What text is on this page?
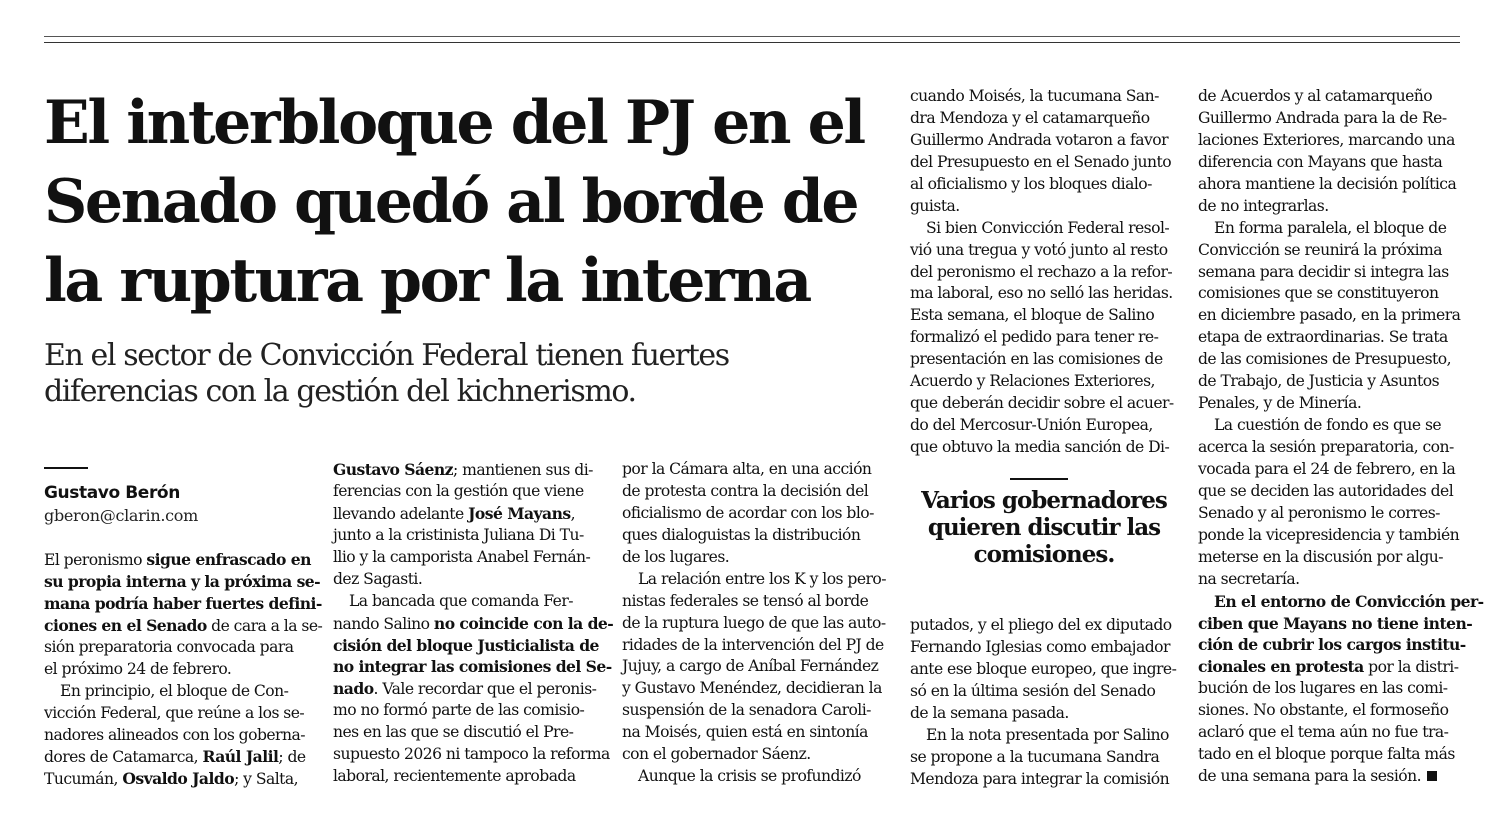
El interbloque del PJ en el
Senado quedó al borde de
la ruptura por la interna

En el sector de Convicción Federal tienen fuertes
diferencias con la gestión del kichnerismo.

Gustavo Berón
gberon@clarin.com
El peronismo sigue enfrascado en
su propia interna y la próxima se-
mana podría haber fuertes defini-
ciones en el Senado de cara a la se-
sión preparatoria convocada para
el próximo 24 de febrero.
En principio, el bloque de Con-
vicción Federal, que reúne a los se-
nadores alineados con los goberna-
dores de Catamarca, Raúl Jalil; de
Tucumán, Osvaldo Jaldo; y Salta,
Gustavo Sáenz; mantienen sus di-
ferencias con la gestión que viene
llevando adelante José Mayans,
junto a la cristinista Juliana Di Tu-
llio y la camporista Anabel Fernán-
dez Sagasti.
La bancada que comanda Fer-
nando Salino no coincide con la de-
cisión del bloque Justicialista de
no integrar las comisiones del Se-
nado. Vale recordar que el peronis-
mo no formó parte de las comisio-
nes en las que se discutió el Pre-
supuesto 2026 ni tampoco la reforma
laboral, recientemente aprobada
por la Cámara alta, en una acción
de protesta contra la decisión del
oficialismo de acordar con los blo-
ques dialoguistas la distribución
de los lugares.
La relación entre los K y los pero-
nistas federales se tensó al borde
de la ruptura luego de que las auto-
ridades de la intervención del PJ de
Jujuy, a cargo de Aníbal Fernández
y Gustavo Menéndez, decidieran la
suspensión de la senadora Caroli-
na Moisés, quien está en sintonía
con el gobernador Sáenz.
Aunque la crisis se profundizó
cuando Moisés, la tucumana San-
dra Mendoza y el catamarqueño
Guillermo Andrada votaron a favor
del Presupuesto en el Senado junto
al oficialismo y los bloques dialo-
guista.
Si bien Convicción Federal resol-
vió una tregua y votó junto al resto
del peronismo el rechazo a la refor-
ma laboral, eso no selló las heridas.
Esta semana, el bloque de Salino
formalizó el pedido para tener re-
presentación en las comisiones de
Acuerdo y Relaciones Exteriores,
que deberán decidir sobre el acuer-
do del Mercosur-Unión Europea,
que obtuvo la media sanción de Di-

Varios gobernadores
quieren discutir las
comisiones.

putados, y el pliego del ex diputado
Fernando Iglesias como embajador
ante ese bloque europeo, que ingre-
só en la última sesión del Senado
de la semana pasada.
En la nota presentada por Salino
se propone a la tucumana Sandra
Mendoza para integrar la comisión
de Acuerdos y al catamarqueño
Guillermo Andrada para la de Re-
laciones Exteriores, marcando una
diferencia con Mayans que hasta
ahora mantiene la decisión política
de no integrarlas.
En forma paralela, el bloque de
Convicción se reunirá la próxima
semana para decidir si integra las
comisiones que se constituyeron
en diciembre pasado, en la primera
etapa de extraordinarias. Se trata
de las comisiones de Presupuesto,
de Trabajo, de Justicia y Asuntos
Penales, y de Minería.
La cuestión de fondo es que se
acerca la sesión preparatoria, con-
vocada para el 24 de febrero, en la
que se deciden las autoridades del
Senado y al peronismo le corres-
ponde la vicepresidencia y también
meterse en la discusión por algu-
na secretaría.
En el entorno de Convicción per-
ciben que Mayans no tiene inten-
ción de cubrir los cargos institu-
cionales en protesta por la distri-
bución de los lugares en las comi-
siones. No obstante, el formoseño
aclaró que el tema aún no fue tra-
tado en el bloque porque falta más
de una semana para la sesión.
